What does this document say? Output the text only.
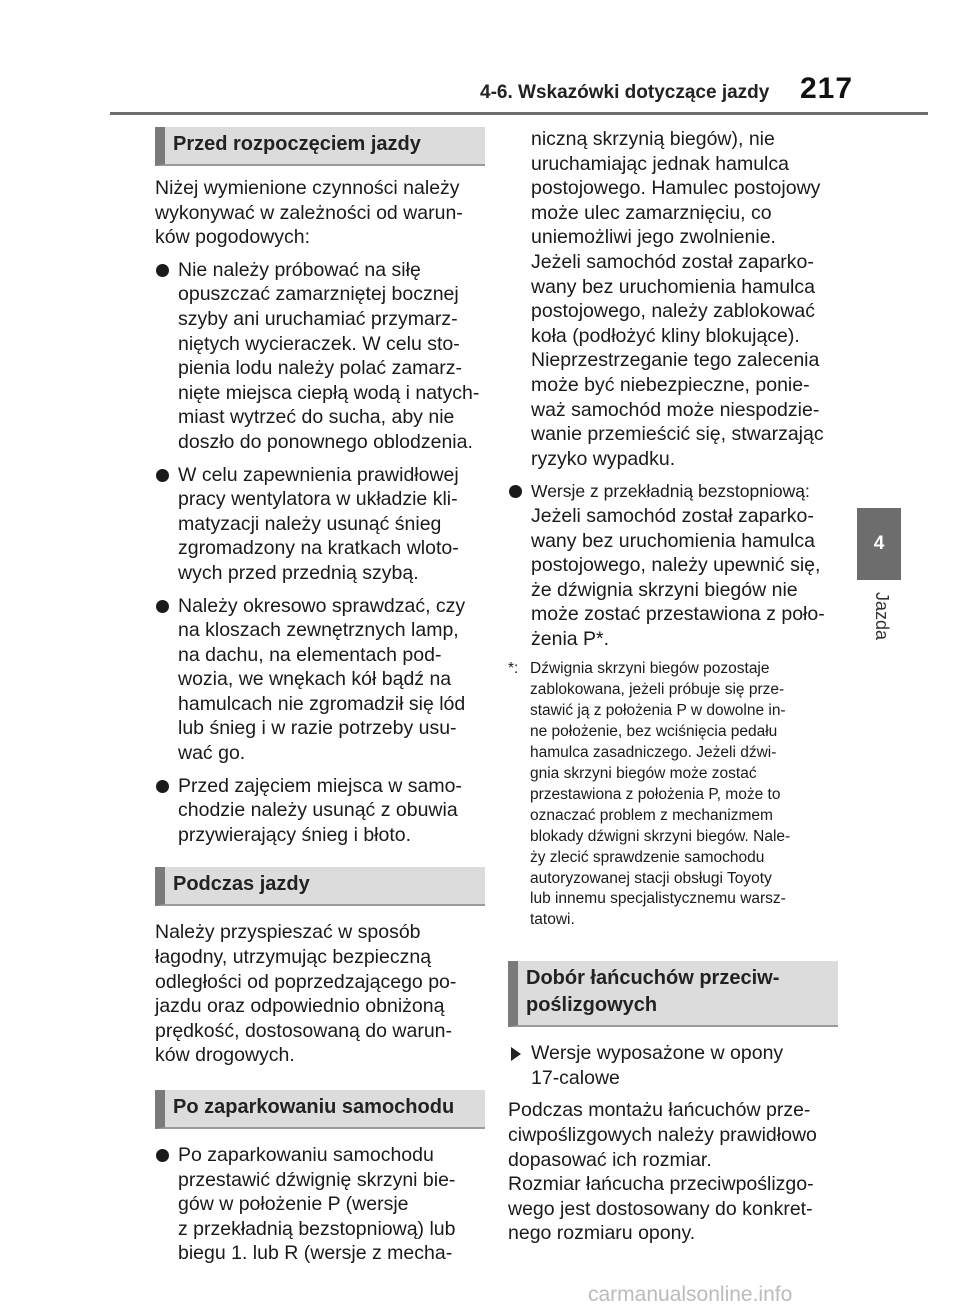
4-6. Wskazówki dotyczące jazdy 217
4
Jazda
Przed rozpoczęciem jazdy
Niżej wymienione czynności należy
wykonywać w zależności od warun-
ków pogodowych:
Nie należy próbować na siłę
opuszczać zamarzniętej bocznej
szyby ani uruchamiać przymarz-
niętych wycieraczek. W celu sto-
pienia lodu należy polać zamarz-
nięte miejsca ciepłą wodą i natych-
miast wytrzeć do sucha, aby nie
doszło do ponownego oblodzenia.
W celu zapewnienia prawidłowej
pracy wentylatora w układzie kli-
matyzacji należy usunąć śnieg
zgromadzony na kratkach wloto-
wych przed przednią szybą.
Należy okresowo sprawdzać, czy
na kloszach zewnętrznych lamp,
na dachu, na elementach pod-
wozia, we wnękach kół bądź na
hamulcach nie zgromadził się lód
lub śnieg i w razie potrzeby usu-
wać go.
Przed zajęciem miejsca w samo-
chodzie należy usunąć z obuwia
przywierający śnieg i błoto.
Podczas jazdy
Należy przyspieszać w sposób
łagodny, utrzymując bezpieczną
odległości od poprzedzającego po-
jazdu oraz odpowiednio obniżoną
prędkość, dostosowaną do warun-
ków drogowych.
Po zaparkowaniu samochodu
Po zaparkowaniu samochodu
przestawić dźwignię skrzyni bie-
gów w położenie P (wersje
z przekładnią bezstopniową) lub
biegu 1. lub R (wersje z mecha-
niczną skrzynią biegów), nie
uruchamiając jednak hamulca
postojowego. Hamulec postojowy
może ulec zamarznięciu, co
uniemożliwi jego zwolnienie.
Jeżeli samochód został zaparko-
wany bez uruchomienia hamulca
postojowego, należy zablokować
koła (podłożyć kliny blokujące).
Nieprzestrzeganie tego zalecenia
może być niebezpieczne, ponie-
waż samochód może niespodzie-
wanie przemieścić się, stwarzając
ryzyko wypadku.
Wersje z przekładnią bezstopniową:
Jeżeli samochód został zaparko-
wany bez uruchomienia hamulca
postojowego, należy upewnić się,
że dźwignia skrzyni biegów nie
może zostać przestawiona z poło-
żenia P*.
*: Dźwignia skrzyni biegów pozostaje
zablokowana, jeżeli próbuje się prze-
stawić ją z położenia P w dowolne in-
ne położenie, bez wciśnięcia pedału
hamulca zasadniczego. Jeżeli dźwi-
gnia skrzyni biegów może zostać
przestawiona z położenia P, może to
oznaczać problem z mechanizmem
blokady dźwigni skrzyni biegów. Nale-
ży zlecić sprawdzenie samochodu
autoryzowanej stacji obsługi Toyoty
lub innemu specjalistycznemu warsz-
tatowi.
Dobór łańcuchów przeciw-
poślizgowych
Wersje wyposażone w opony
17-calowe
Podczas montażu łańcuchów prze-
ciwpoślizgowych należy prawidłowo
dopasować ich rozmiar.
Rozmiar łańcucha przeciwpoślizgo-
wego jest dostosowany do konkret-
nego rozmiaru opony.
carmanualsonline.info
